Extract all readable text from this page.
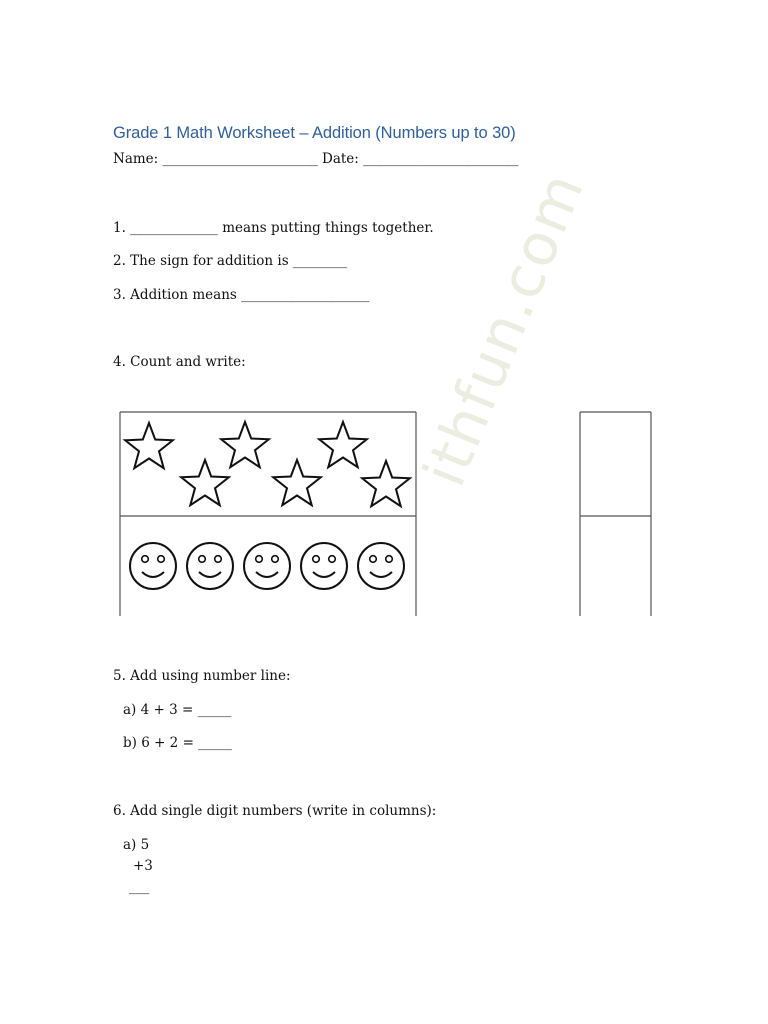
Grade 1 Math Worksheet – Addition (Numbers up to 30)
Name: _______________________ Date: _______________________
1. _____________ means putting things together.
2. The sign for addition is ________
3. Addition means ___________________
4. Count and write:	ithfun.com
5. Add using number line:
a) 4 + 3 = _____
b) 6 + 2 = _____
6. Add single digit numbers (write in columns):
a) 5
+3
___
